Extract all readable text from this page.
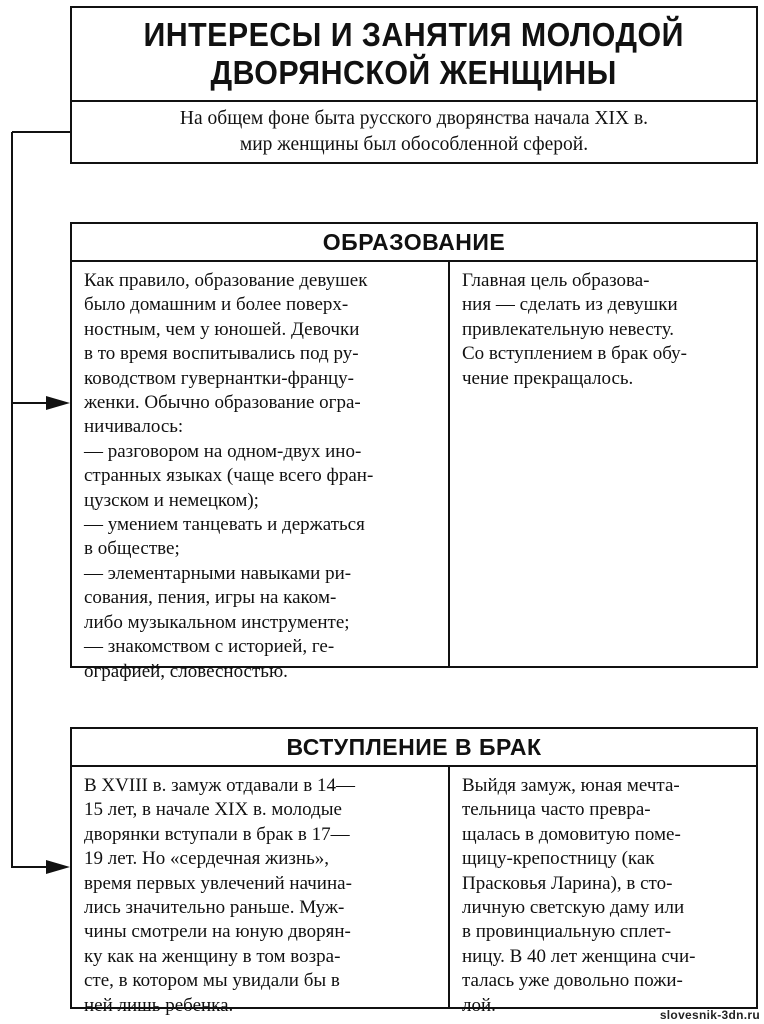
ИНТЕРЕСЫ И ЗАНЯТИЯ МОЛОДОЙ
ДВОРЯНСКОЙ ЖЕНЩИНЫ

На общем фоне быта русского дворянства начала XIX в.
мир женщины был обособленной сферой.

ОБРАЗОВАНИЕ

Как правило, образование девушек
было домашним и более поверх-
ностным, чем у юношей. Девочки
в то время воспитывались под ру-
ководством гувернантки-францу-
женки. Обычно образование огра-
ничивалось:
— разговором на одном-двух ино-
странных языках (чаще всего фран-
цузском и немецком);
— умением танцевать и держаться
в обществе;
— элементарными навыками ри-
сования, пения, игры на каком-
либо музыкальном инструменте;
— знакомством с историей, ге-
ографией, словесностью.

Главная цель образова-
ния — сделать из девушки
привлекательную невесту.
Со вступлением в брак обу-
чение прекращалось.

ВСТУПЛЕНИЕ В БРАК

В XVIII в. замуж отдавали в 14—
15 лет, в начале XIX в. молодые
дворянки вступали в брак в 17—
19 лет. Но «сердечная жизнь»,
время первых увлечений начина-
лись значительно раньше. Муж-
чины смотрели на юную дворян-
ку как на женщину в том возра-
сте, в котором мы увидали бы в
ней лишь ребенка.

Выйдя замуж, юная мечта-
тельница часто превра-
щалась в домовитую поме-
щицу-крепостницу (как
Прасковья Ларина), в сто-
личную светскую даму или
в провинциальную сплет-
ницу. В 40 лет женщина счи-
талась уже довольно пожи-
лой.	slovesnik-3dn.ru
